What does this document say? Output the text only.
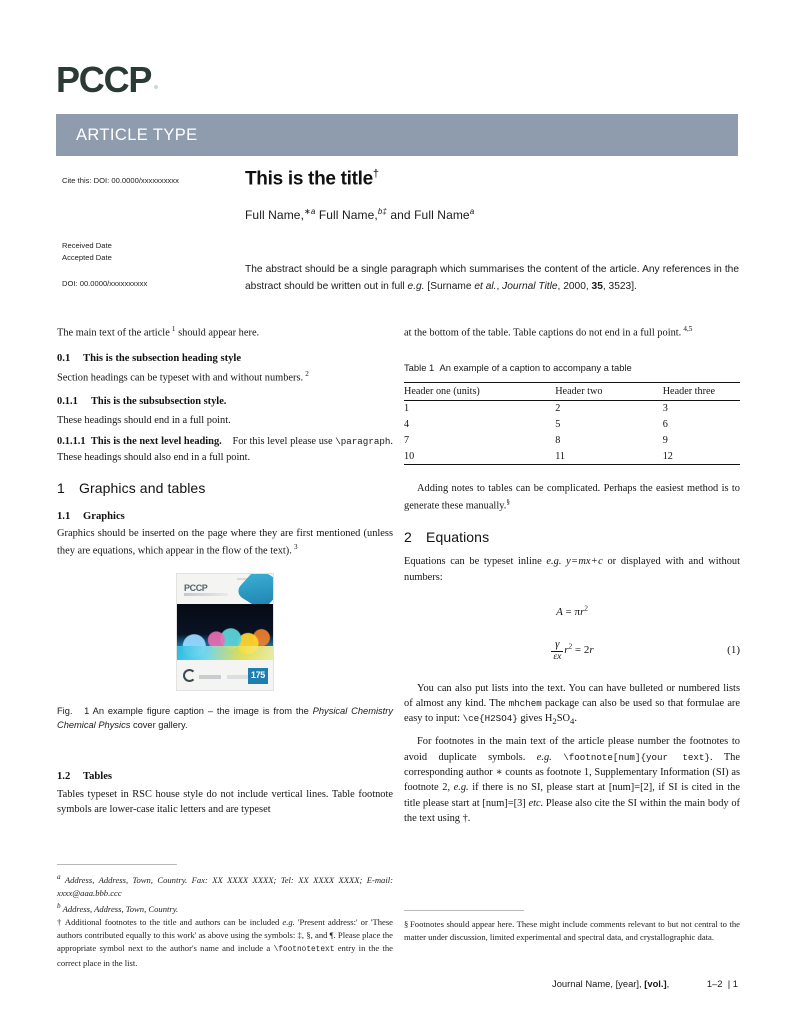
PCCP
ARTICLE TYPE
Cite this: DOI: 00.0000/xxxxxxxxxx
Received Date
Accepted Date
DOI: 00.0000/xxxxxxxxxx
This is the title†
Full Name,$^{∗a}$ Full Name,$^{b\ddagger}$ and Full Name$^a$
The abstract should be a single paragraph which summarises the content of the article. Any references in the abstract should be written out in full e.g. [Surname et al., Journal Title, 2000, 35, 3523].

The main text of the article $^1$ should appear here.

0.1 This is the subsection heading style

Section headings can be typeset with and without numbers. $^2$

0.1.1 This is the subsubsection style.

These headings should end in a full point.

0.1.1.1 This is the next level heading. For this level please use \paragraph. These headings should also end in a full point.

1 Graphics and tables
1.1 Graphics

Graphics should be inserted on the page where they are first mentioned (unless they are equations, which appear in the flow of the text). $^3$

PCCP
175
Fig. 1 An example figure caption – the image is from the Physical Chemistry Chemical Physics cover gallery.
1.2 Tables

Tables typeset in RSC house style do not include vertical lines. Table footnote symbols are lower-case italic letters and are typeset

at the bottom of the table. Table captions do not end in a full point. $^{4,5}$

Table 1 An example of a caption to accompany a table
Header one (units)	Header two	Header three
1	2	3
4	5	6
7	8	9
10	11	12

Adding notes to tables can be complicated. Perhaps the easiest method is to generate these manually.§

2 Equations

Equations can be typeset inline e.g. y = mx + c or displayed with and without numbers:

$A = \pi r^2$
$\frac{\gamma}{\varepsilon x} r^2 = 2r$	(1)

You can also put lists into the text. You can have bulleted or numbered lists of almost any kind. The mhchem package can also be used so that formulae are easy to input: \ce{H2SO4} gives $H_2SO_4$.

For footnotes in the main text of the article please number the footnotes to avoid duplicate symbols. e.g. \footnote[num]{your text}. The corresponding author ∗ counts as footnote 1, Supplementary Information (SI) as footnote 2, e.g. if there is no SI, please start at [num]=[2], if SI is cited in the title please start at [num]=[3] etc. Please also cite the SI within the main body of the text using †.

$^a$ Address, Address, Town, Country. Fax: XX XXXX XXXX; Tel: XX XXXX XXXX; E-mail: xxxx@aaa.bbb.ccc

$^b$ Address, Address, Town, Country.

† Additional footnotes to the title and authors can be included e.g. 'Present address:' or 'These authors contributed equally to this work' as above using the symbols: ‡, §, and ¶. Please place the appropriate symbol next to the author's name and include a \footnotetext entry in the the correct place in the list.

§ Footnotes should appear here. These might include comments relevant to but not central to the matter under discussion, limited experimental and spectral data, and crystallographic data.

Journal Name, [year], [vol.],	1–2 | 1
